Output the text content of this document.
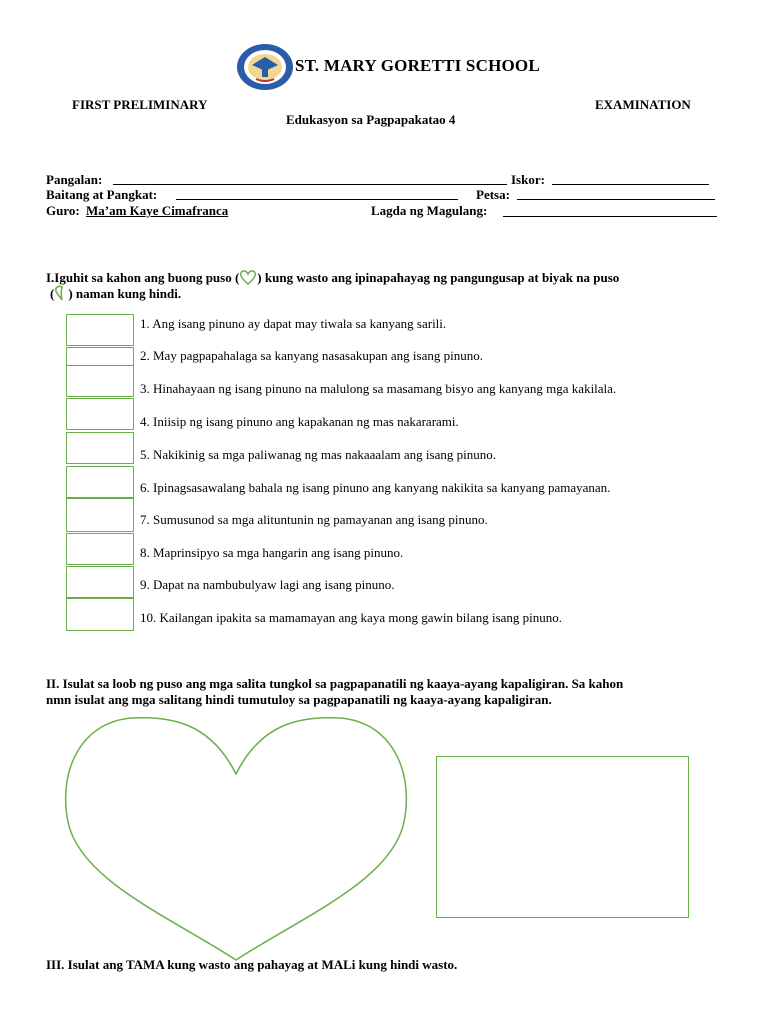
ST. MARY GORETTI SCHOOL
FIRST PRELIMINARY	EXAMINATION
Edukasyon sa Pagpapakatao 4
Pangalan:	Iskor:
Baitang at Pangkat:	Petsa:
Guro: Ma’am Kaye Cimafranca	Lagda ng Magulang:
I.Iguhit sa kahon ang buong puso ( ) kung wasto ang ipinapahayag ng pangungusap at biyak na puso
( ) naman kung hindi.
1. Ang isang pinuno ay dapat may tiwala sa kanyang sarili.
2. May pagpapahalaga sa kanyang nasasakupan ang isang pinuno.
3. Hinahayaan ng isang pinuno na malulong sa masamang bisyo ang kanyang mga kakilala.
4. Iniisip ng isang pinuno ang kapakanan ng mas nakararami.
5. Nakikinig sa mga paliwanag ng mas nakaaalam ang isang pinuno.
6. Ipinagsasawalang bahala ng isang pinuno ang kanyang nakikita sa kanyang pamayanan.
7. Sumusunod sa mga alituntunin ng pamayanan ang isang pinuno.
8. Maprinsipyo sa mga hangarin ang isang pinuno.
9. Dapat na nambubulyaw lagi ang isang pinuno.
10. Kailangan ipakita sa mamamayan ang kaya mong gawin bilang isang pinuno.
II. Isulat sa loob ng puso ang mga salita tungkol sa pagpapanatili ng kaaya-ayang kapaligiran. Sa kahon
nmn isulat ang mga salitang hindi tumutuloy sa pagpapanatili ng kaaya-ayang kapaligiran.
III. Isulat ang TAMA kung wasto ang pahayag at MALi kung hindi wasto.
